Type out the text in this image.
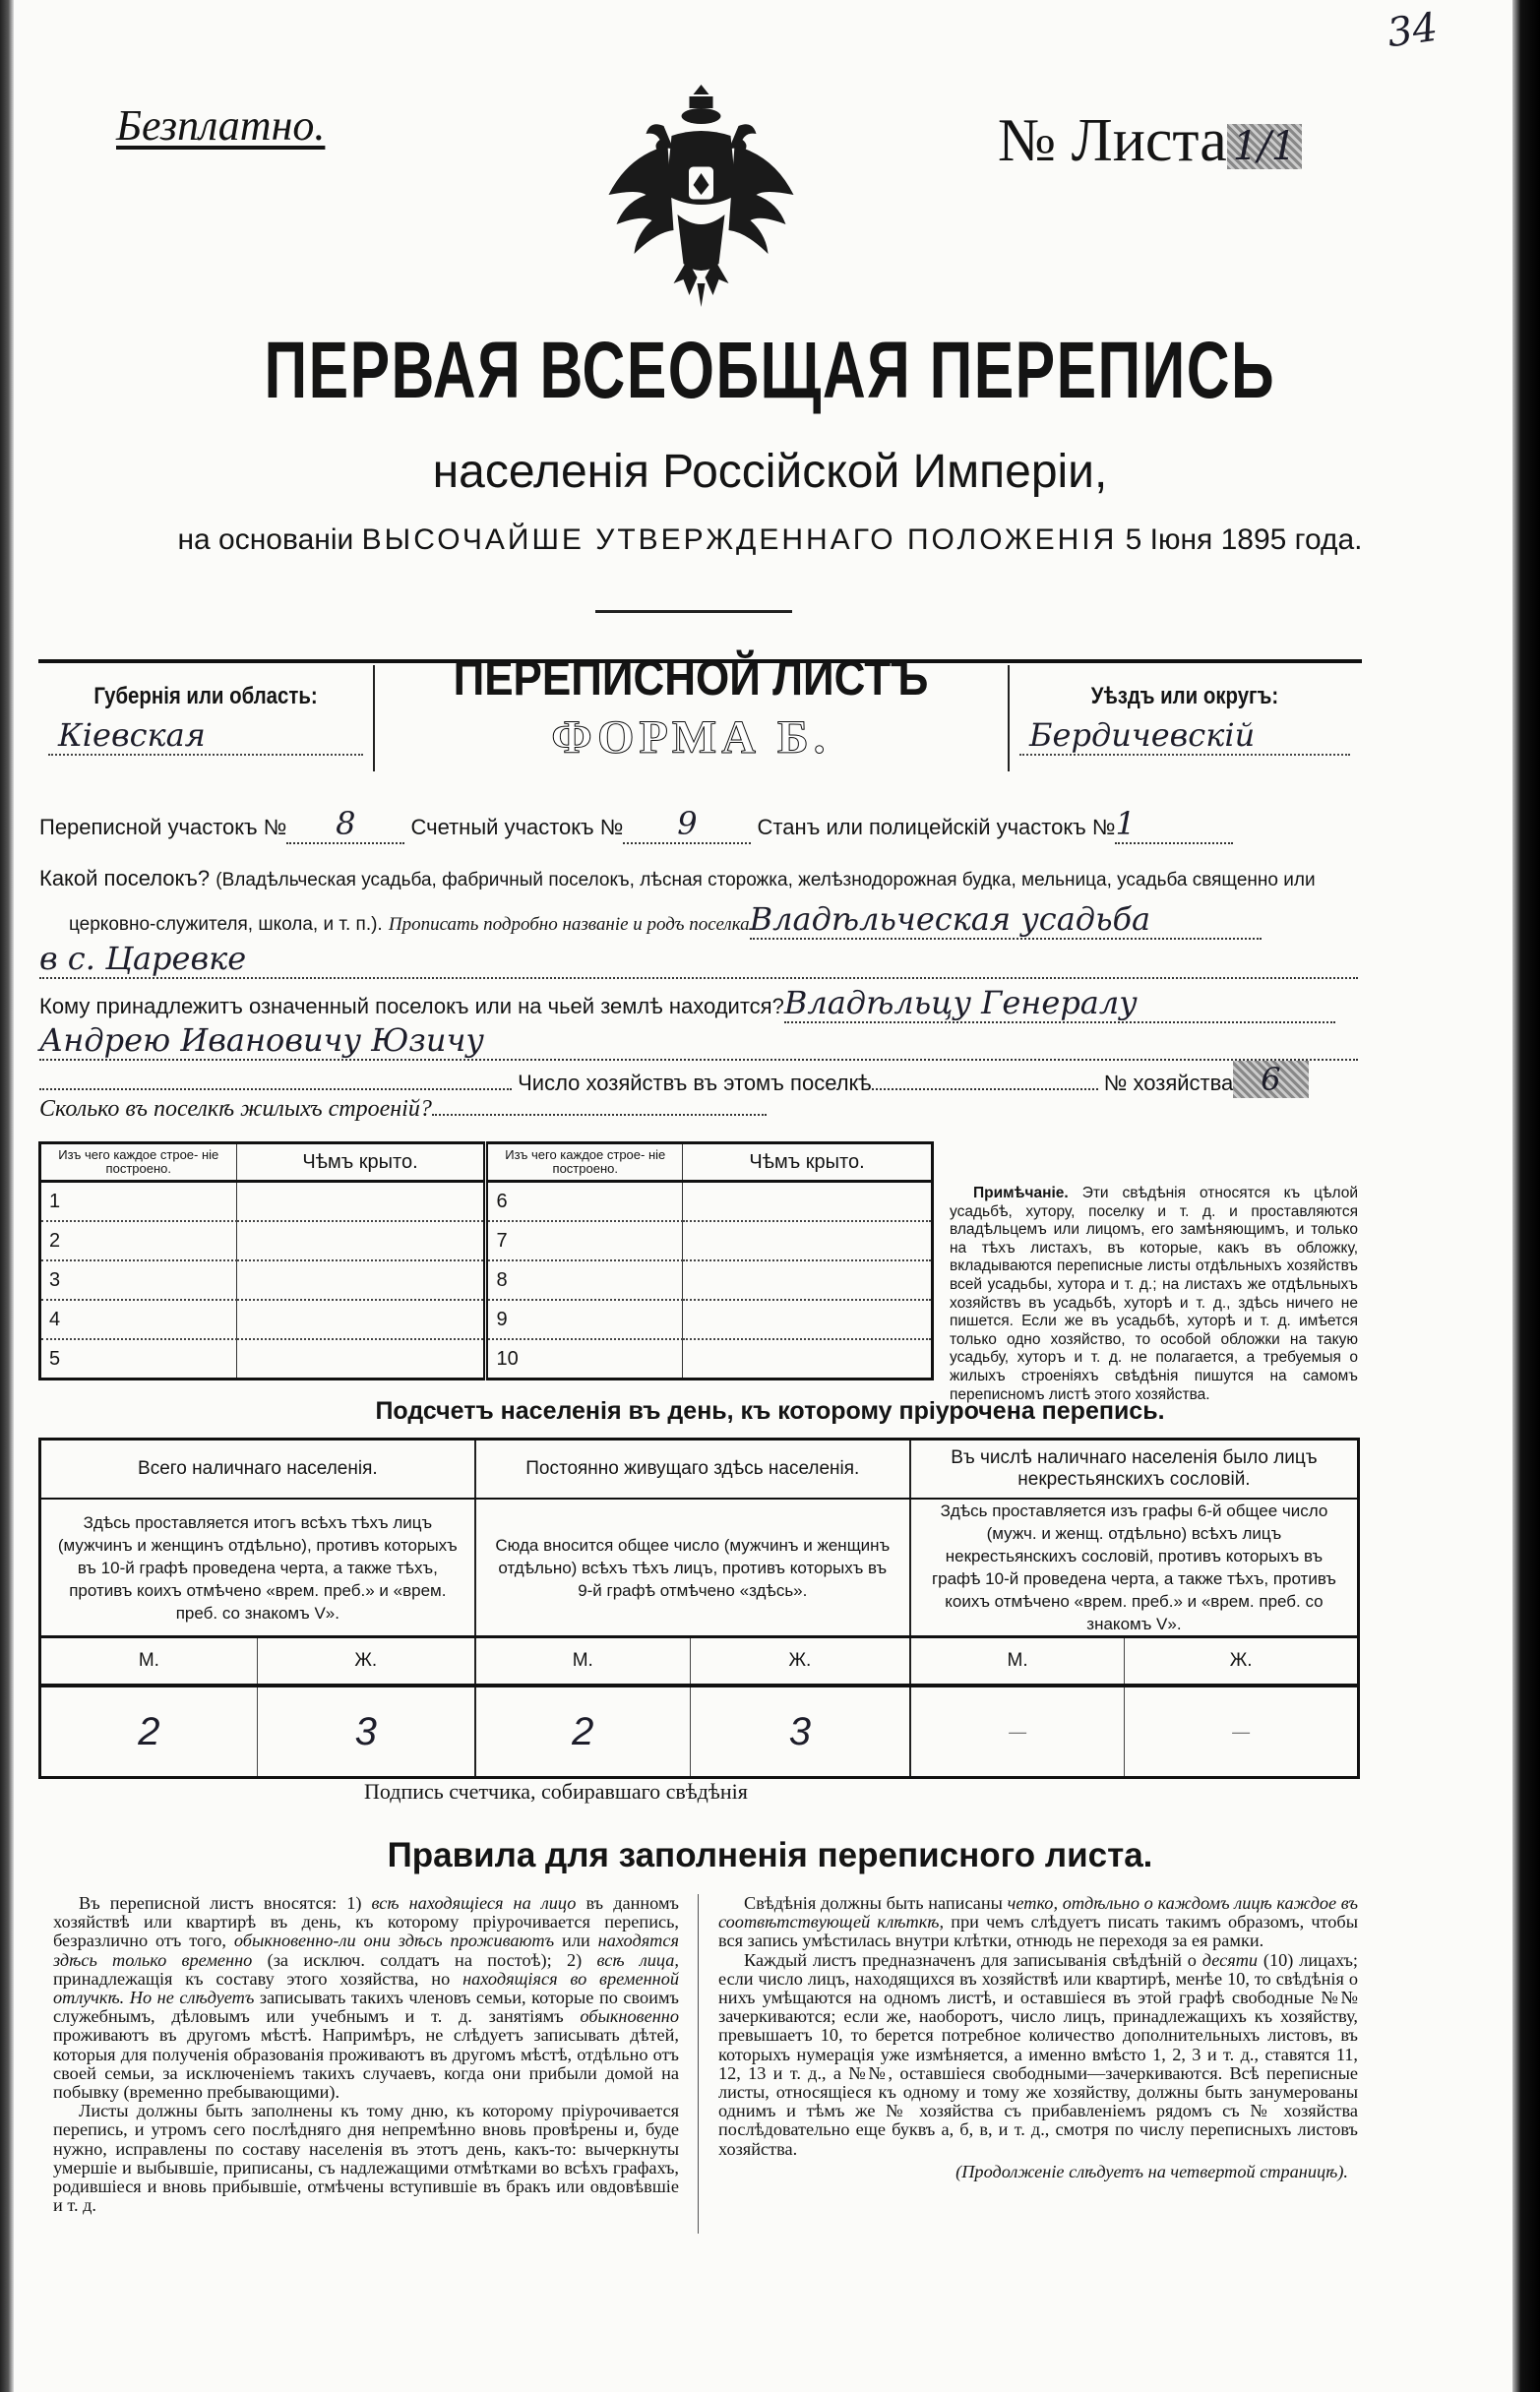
Безплатно.
34
№ Листа 1/1
ПЕРВАЯ ВСЕОБЩАЯ ПЕРЕПИСЬ
населенія Россійской Имперіи,
на основаніи ВЫСОЧАЙШЕ УТВЕРЖДЕННАГО ПОЛОЖЕНІЯ 5 Іюня 1895 года.
Губернія или область:
Кіевская
ПЕРЕПИСНОЙ ЛИСТЪ
ФОРМА Б.
Уѣздъ или округъ:
Бердичевскій
Переписной участокъ № 8	Счетный участокъ № 9	Станъ или полицейскій участокъ №1
Какой поселокъ? (Владѣльческая усадьба, фабричный поселокъ, лѣсная сторожка, желѣзнодорожная будка, мельница, усадьба священно или
церковно-служителя, школа, и т. п.). Прописать подробно названіе и родъ поселкаВладѣльческая усадьба
в с. Царевке
Кому принадлежитъ означенный поселокъ или на чьей землѣ находится?Владѣльцу Генералу
Андрею Ивановичу Юзичу
Число хозяйствъ въ этомъ поселкѣ	№ хозяйства 6
Сколько въ поселкѣ жилыхъ строеній?
Изъ чего каждое строе- ніе построено.	Чѣмъ крыто.	Изъ чего каждое строе- ніе построено.	Чѣмъ крыто.
1		6	
2		7	
3		8	
4		9	
5		10	
Примѣчаніе. Эти свѣдѣнія относятся къ цѣлой усадьбѣ, хутору, поселку и т. д. и проставляются владѣльцемъ или лицомъ, его замѣняющимъ, и только на тѣхъ листахъ, въ которые, какъ въ обложку, вкладываются переписные листы отдѣльныхъ хозяйствъ всей усадьбы, хутора и т. д.; на листахъ же отдѣльныхъ хозяйствъ въ усадьбѣ, хуторѣ и т. д., здѣсь ничего не пишется. Если же въ усадьбѣ, хуторѣ и т. д. имѣется только одно хозяйство, то особой обложки на такую усадьбу, хуторъ и т. д. не полагается, а требуемыя о жилыхъ строеніяхъ свѣдѣнія пишутся на самомъ переписномъ листѣ этого хозяйства.
Подсчетъ населенія въ день, къ которому пріурочена перепись.
Всего наличнаго населенія.		Постоянно живущаго здѣсь населенія.		Въ числѣ наличнаго населенія было лицъ некрестьянскихъ сословій.	
Здѣсь проставляется итогъ всѣхъ тѣхъ лицъ (мужчинъ и женщинъ отдѣльно), противъ которыхъ въ 10-й графѣ проведена черта, а также тѣхъ, противъ коихъ отмѣчено «врем. преб.» и «врем. преб. со знакомъ V».		Сюда вносится общее число (мужчинъ и женщинъ отдѣльно) всѣхъ тѣхъ лицъ, противъ которыхъ въ 9-й графѣ отмѣчено «здѣсь».		Здѣсь проставляется изъ графы 6-й общее число (мужч. и женщ. отдѣльно) всѣхъ лицъ некрестьянскихъ сословій, противъ которыхъ въ графѣ 10-й проведена черта, а также тѣхъ, противъ коихъ отмѣчено «врем. преб.» и «врем. преб. со знакомъ V».	
М.	Ж.	М.	Ж.	М.	Ж.
2	3	2	3	—	—
Подпись счетчика, собиравшаго свѣдѣнія
Правила для заполненія переписного листа.

Въ переписной листъ вносятся: 1) всѣ находящіеся на лицо въ данномъ хозяйствѣ или квартирѣ въ день, къ которому пріурочивается перепись, безразлично отъ того, обыкновенно-ли они здѣсь проживаютъ или находятся здѣсь только временно (за исключ. солдатъ на постоѣ); 2) всѣ лица, принадлежащія къ составу этого хозяйства, но находящіяся во временной отлучкѣ. Но не слѣдуетъ записывать такихъ членовъ семьи, которые по своимъ служебнымъ, дѣловымъ или учебнымъ и т. д. занятіямъ обыкновенно проживаютъ въ другомъ мѣстѣ. Напримѣръ, не слѣдуетъ записывать дѣтей, которыя для полученія образованія проживаютъ въ другомъ мѣстѣ, отдѣльно отъ своей семьи, за исключеніемъ такихъ случаевъ, когда они прибыли домой на побывку (временно пребывающими).

Листы должны быть заполнены къ тому дню, къ которому пріурочивается перепись, и утромъ сего послѣдняго дня непремѣнно вновь провѣрены и, буде нужно, исправлены по составу населенія въ этотъ день, какъ-то: вычеркнуты умершіе и выбывшіе, приписаны, съ надлежащими отмѣтками во всѣхъ графахъ, родившіеся и вновь прибывшіе, отмѣчены вступившіе въ бракъ или овдовѣвшіе и т. д.

Свѣдѣнія должны быть написаны четко, отдѣльно о каждомъ лицѣ каждое въ соотвѣтствующей клѣткѣ, при чемъ слѣдуетъ писать такимъ образомъ, чтобы вся запись умѣстилась внутри клѣтки, отнюдь не переходя за ея рамки.

Каждый листъ предназначенъ для записыванія свѣдѣній о десяти (10) лицахъ; если число лицъ, находящихся въ хозяйствѣ или квартирѣ, менѣе 10, то свѣдѣнія о нихъ умѣщаются на одномъ листѣ, и оставшіеся въ этой графѣ свободные №№ зачеркиваются; если же, наоборотъ, число лицъ, принадлежащихъ къ хозяйству, превышаетъ 10, то берется потребное количество дополнительныхъ листовъ, въ которыхъ нумерація уже измѣняется, а именно вмѣсто 1, 2, 3 и т. д., ставятся 11, 12, 13 и т. д., а №№, оставшіеся свободными—зачеркиваются. Всѣ переписные листы, относящіеся къ одному и тому же хозяйству, должны быть занумерованы однимъ и тѣмъ же № хозяйства съ прибавленіемъ рядомъ съ № хозяйства послѣдовательно еще буквъ а, б, в, и т. д., смотря по числу переписныхъ листовъ хозяйства.

(Продолженіе слѣдуетъ на четвертой страницѣ).
